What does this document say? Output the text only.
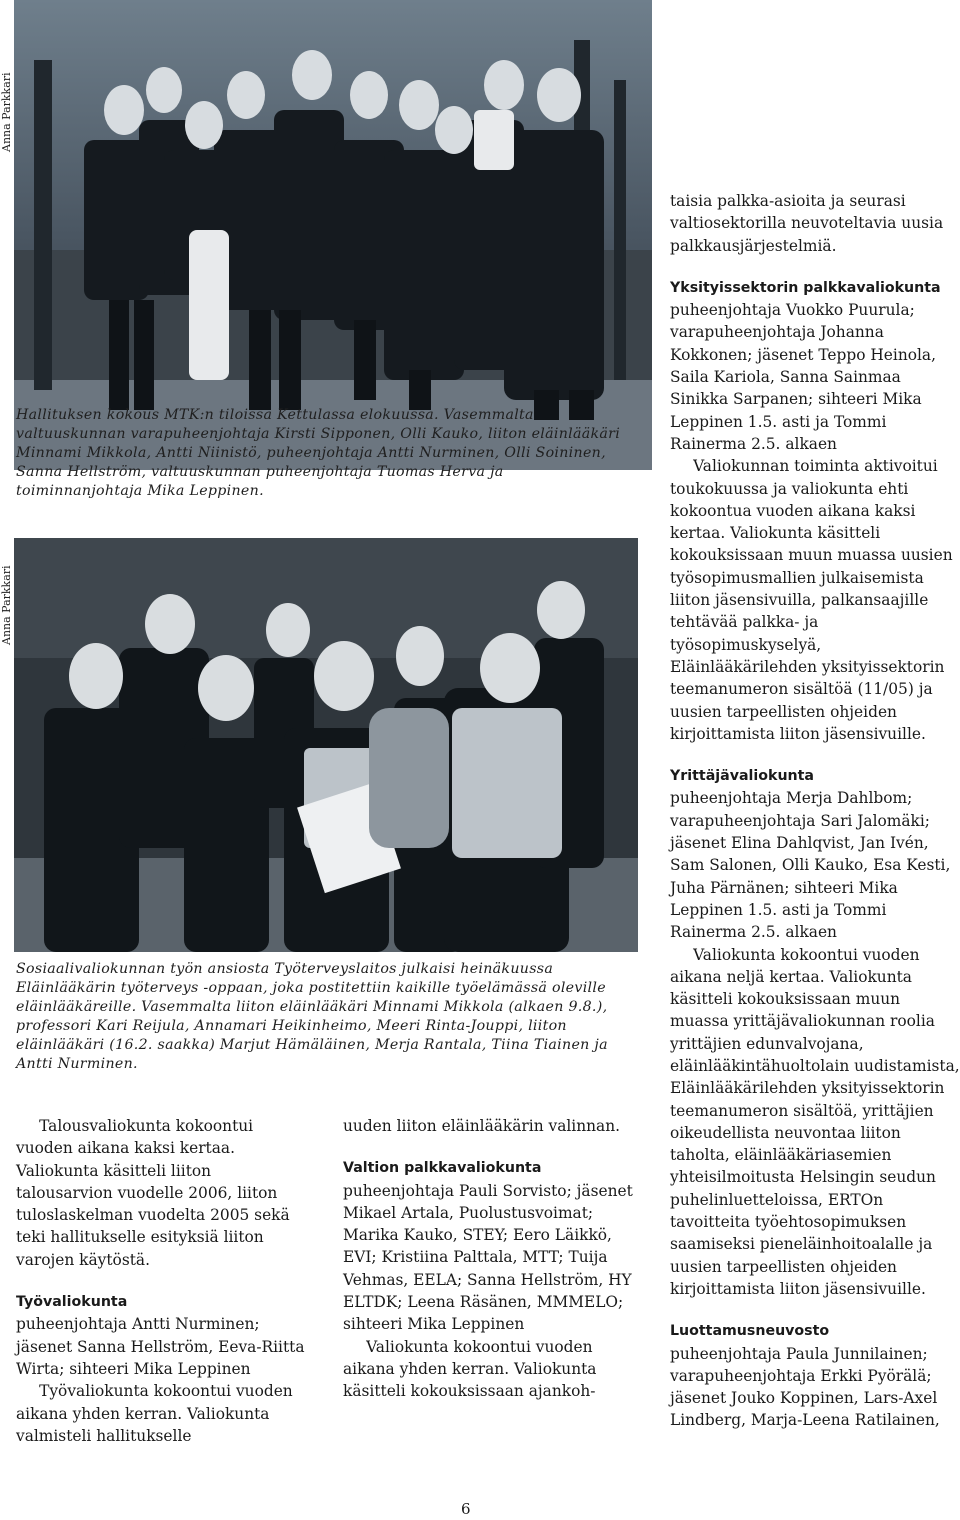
Anna Parkkari
Anna Parkkari
Hallituksen kokous MTK:n tiloissa Kettulassa elokuussa. Vasemmalta valtuuskunnan varapuheenjohtaja Kirsti Sipponen, Olli Kauko, liiton eläinlääkäri Minnami Mikkola, Antti Niinistö, puheenjohtaja Antti Nurminen, Olli Soininen, Sanna Hellström, valtuuskunnan puheenjohtaja Tuomas Herva ja toiminnanjohtaja Mika Leppinen.
Sosiaalivaliokunnan työn ansiosta Työterveyslaitos julkaisi heinäkuussa Eläinlääkärin työterveys -oppaan, joka postitettiin kaikille työelämässä oleville eläinlääkäreille. Vasemmalta liiton eläinlääkäri Minnami Mikkola (alkaen 9.8.), professori Kari Reijula, Annamari Heikinheimo, Meeri Rinta-Jouppi, liiton eläinlääkäri (16.2. saakka) Marjut Hämäläinen, Merja Rantala, Tiina Tiainen ja Antti Nurminen.

Talousvaliokunta kokoontui vuoden aikana kaksi kertaa. Valiokunta käsitteli liiton talousarvion vuodelle 2006, liiton tuloslaskelman vuodelta 2005 sekä teki hallitukselle esityksiä liiton varojen käytöstä.

Työvaliokunta

puheenjohtaja Antti Nurminen; jäsenet Sanna Hellström, Eeva-Riitta Wirta; sihteeri Mika Leppinen

Työvaliokunta kokoontui vuoden aikana yhden kerran. Valiokunta valmisteli hallitukselle

uuden liiton eläinlääkärin valinnan.

Valtion palkkavaliokunta

puheenjohtaja Pauli Sorvisto; jäsenet Mikael Artala, Puolustusvoimat; Marika Kauko, STEY; Eero Läikkö, EVI; Kristiina Palttala, MTT; Tuija Vehmas, EELA; Sanna Hellström, HY ELTDK; Leena Räsänen, MMMELO; sihteeri Mika Leppinen

Valiokunta kokoontui vuoden aikana yhden kerran. Valiokunta käsitteli kokouksissaan ajankoh-

taisia palkka-asioita ja seurasi valtiosektorilla neuvoteltavia uusia palkkausjärjestelmiä.

Yksityissektorin palkkavaliokunta

puheenjohtaja Vuokko Puurula; varapuheenjohtaja Johanna Kokkonen; jäsenet Teppo Heinola, Saila Kariola, Sanna Sainmaa Sinikka Sarpanen; sihteeri Mika Leppinen 1.5. asti ja Tommi Rainerma 2.5. alkaen

Valiokunnan toiminta aktivoitui toukokuussa ja valiokunta ehti kokoontua vuoden aikana kaksi kertaa. Valiokunta käsitteli kokouksissaan muun muassa uusien työsopimusmallien julkaisemista liiton jäsensivuilla, palkansaajille tehtävää palkka- ja työsopimuskyselyä, Eläinlääkärilehden yksityissektorin teemanumeron sisältöä (11/05) ja uusien tarpeellisten ohjeiden kirjoittamista liiton jäsensivuille.

Yrittäjävaliokunta

puheenjohtaja Merja Dahlbom; varapuheenjohtaja Sari Jalomäki; jäsenet Elina Dahlqvist, Jan Ivén, Sam Salonen, Olli Kauko, Esa Kesti, Juha Pärnänen; sihteeri Mika Leppinen 1.5. asti ja Tommi Rainerma 2.5. alkaen

Valiokunta kokoontui vuoden aikana neljä kertaa. Valiokunta käsitteli kokouksissaan muun muassa yrittäjävaliokunnan roolia yrittäjien edunvalvojana, eläinlääkintähuoltolain uudistamista, Eläinlääkärilehden yksityissektorin teemanumeron sisältöä, yrittäjien oikeudellista neuvontaa liiton taholta, eläinlääkäriasemien yhteisilmoitusta Helsingin seudun puhelinluetteloissa, ERTOn tavoitteita työehtosopimuksen saamiseksi pieneläinhoitoalalle ja uusien tarpeellisten ohjeiden kirjoittamista liiton jäsensivuille.

Luottamusneuvosto

puheenjohtaja Paula Junnilainen; varapuheenjohtaja Erkki Pyörälä; jäsenet Jouko Koppinen, Lars-Axel Lindberg, Marja-Leena Ratilainen,

6
